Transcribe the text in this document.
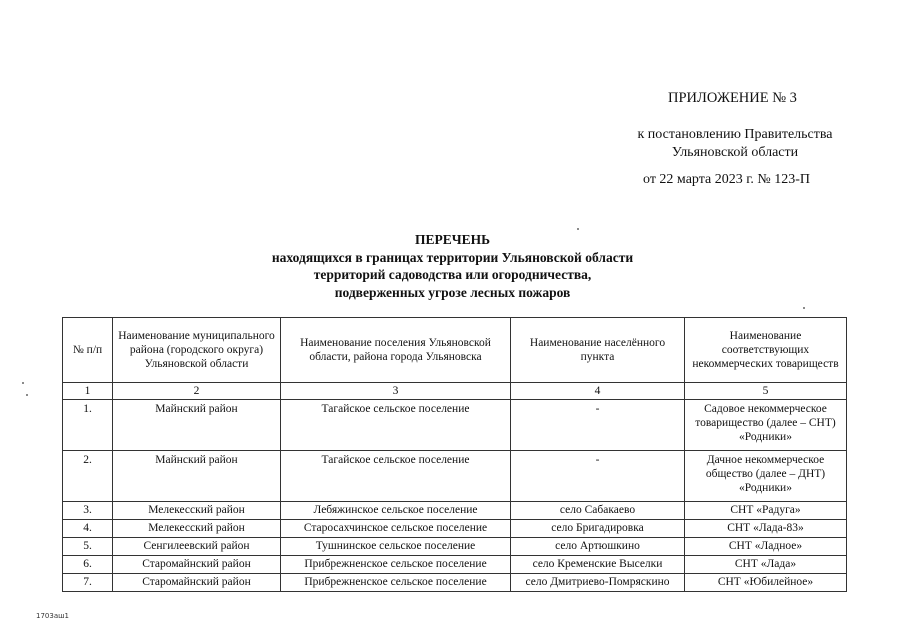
ПРИЛОЖЕНИЕ № 3
к постановлению Правительства
Ульяновской области
от 22 марта 2023 г. № 123-П
ПЕРЕЧЕНЬ
находящихся в границах территории Ульяновской области
территорий садоводства или огородничества,
подверженных угрозе лесных пожаров
№ п/п	Наименование муниципального района (городского округа) Ульяновской области	Наименование поселения Ульяновской области, района города Ульяновска	Наименование населённого пункта	Наименование соответствующих некоммерческих товариществ
1	2	3	4	5
1.	Майнский район	Тагайское сельское поселение	-	Садовое некоммерческое товарищество (далее – СНТ) «Родники»
2.	Майнский район	Тагайское сельское поселение	-	Дачное некоммерческое общество (далее – ДНТ) «Родники»
3.	Мелекесский район	Лебяжинское сельское поселение	село Сабакаево	СНТ «Радуга»
4.	Мелекесский район	Старосахчинское сельское поселение	село Бригадировка	СНТ «Лада-83»
5.	Сенгилеевский район	Тушнинское сельское поселение	село Артюшкино	СНТ «Ладное»
6.	Старомайнский район	Прибрежненское сельское поселение	село Кременские Выселки	СНТ «Лада»
7.	Старомайнский район	Прибрежненское сельское поселение	село Дмитриево-Помряскино	СНТ «Юбилейное»
1703аш1
